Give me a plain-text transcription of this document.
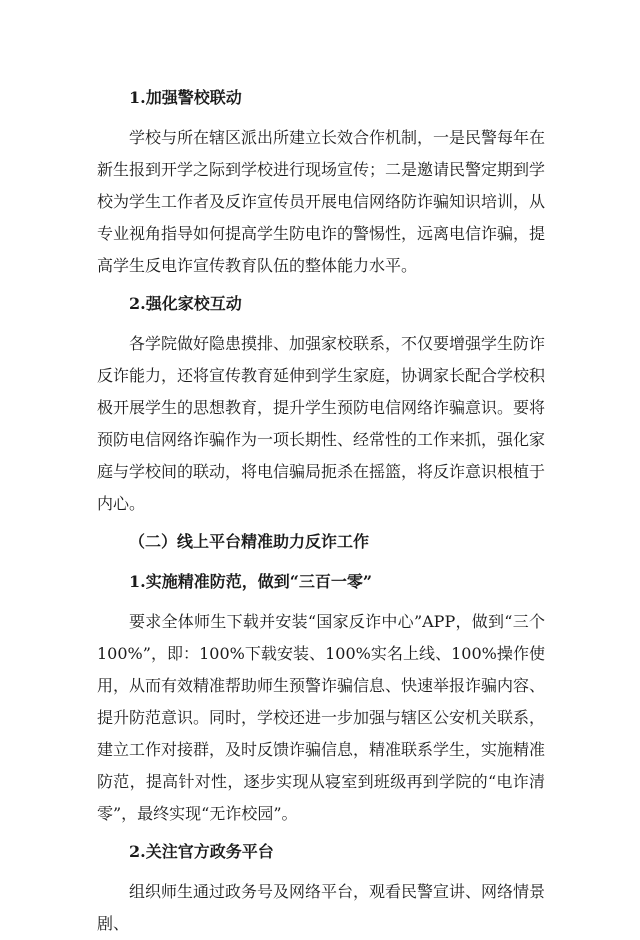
1.加强警校联动

学校与所在辖区派出所建立长效合作机制，一是民警每年在新生报到开学之际到学校进行现场宣传；二是邀请民警定期到学校为学生工作者及反诈宣传员开展电信网络防诈骗知识培训，从专业视角指导如何提高学生防电诈的警惕性，远离电信诈骗，提高学生反电诈宣传教育队伍的整体能力水平。

2.强化家校互动

各学院做好隐患摸排、加强家校联系，不仅要增强学生防诈反诈能力，还将宣传教育延伸到学生家庭，协调家长配合学校积极开展学生的思想教育，提升学生预防电信网络诈骗意识。要将预防电信网络诈骗作为一项长期性、经常性的工作来抓，强化家庭与学校间的联动，将电信骗局扼杀在摇篮，将反诈意识根植于内心。

（二）线上平台精准助力反诈工作
1.实施精准防范，做到“三百一零”

要求全体师生下载并安装“国家反诈中心”APP，做到“三个100%”，即：100%下载安装、100%实名上线、100%操作使用，从而有效精准帮助师生预警诈骗信息、快速举报诈骗内容、提升防范意识。同时，学校还进一步加强与辖区公安机关联系，建立工作对接群，及时反馈诈骗信息，精准联系学生，实施精准防范，提高针对性，逐步实现从寝室到班级再到学院的“电诈清零”，最终实现“无诈校园”。

2.关注官方政务平台

组织师生通过政务号及网络平台，观看民警宣讲、网络情景剧、
